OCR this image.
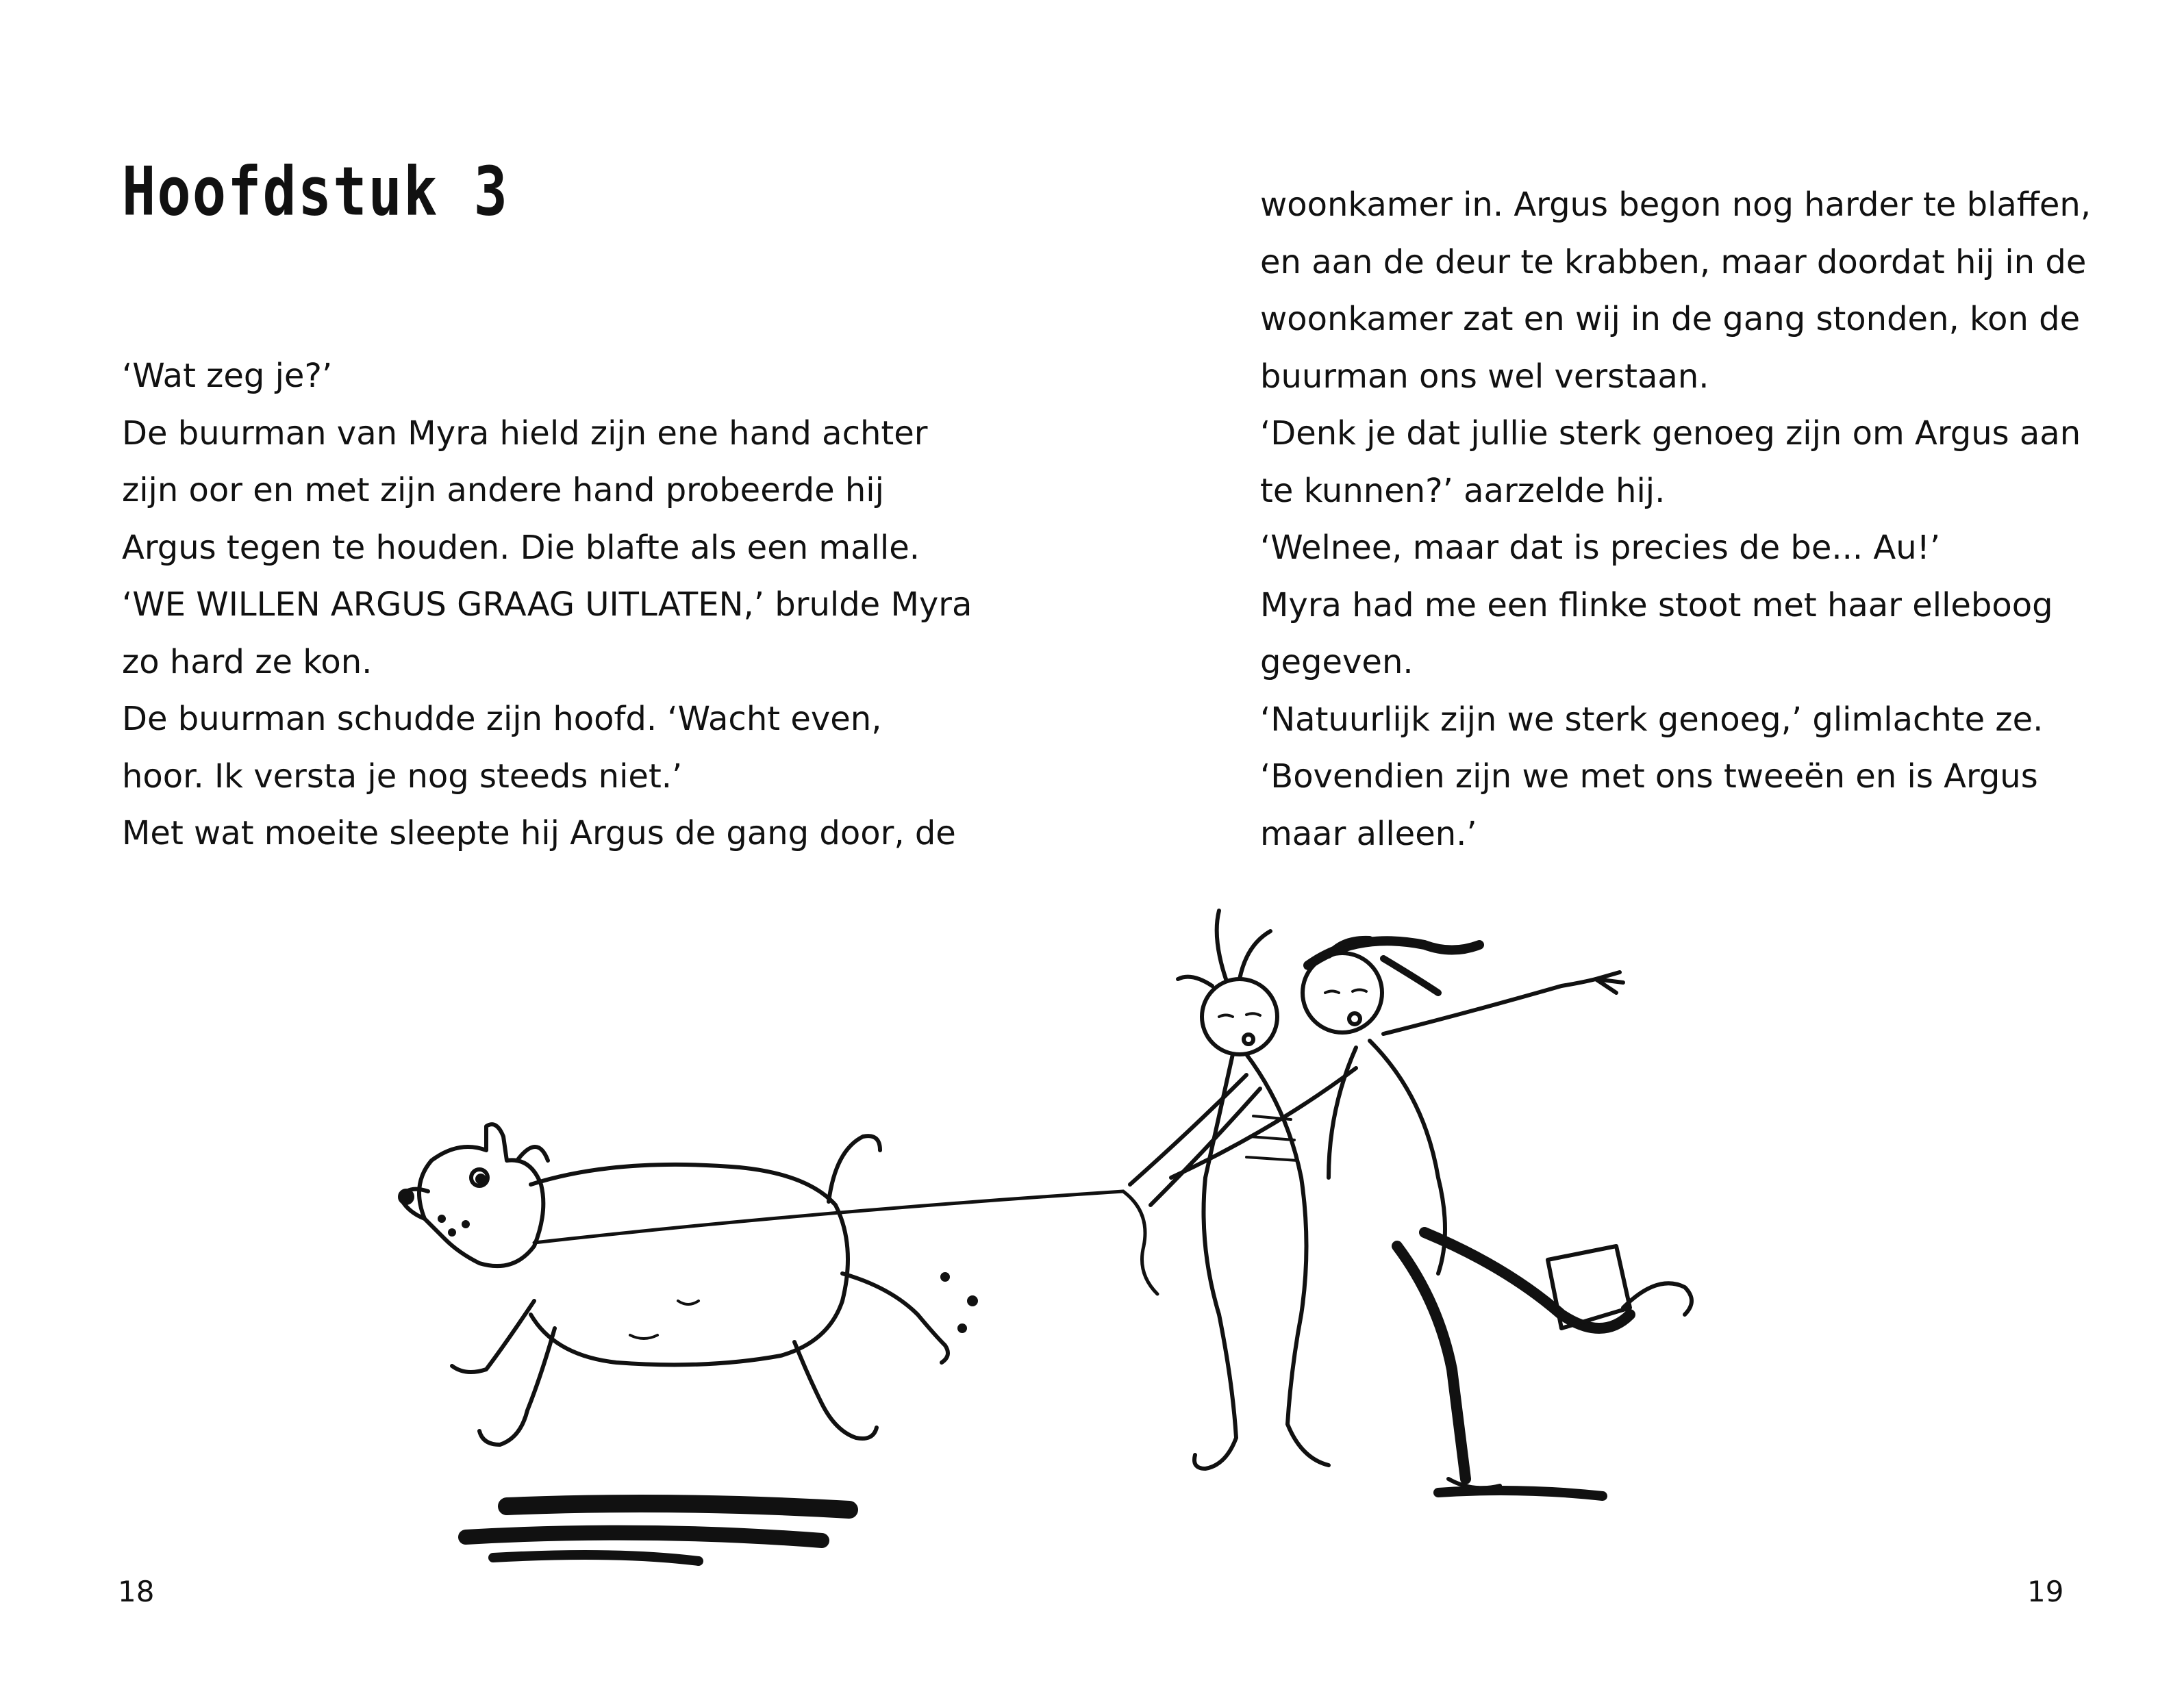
Hoofdstuk 3
‘Wat zeg je?’
De buurman van Myra hield zijn ene hand achter
zijn oor en met zijn andere hand probeerde hij
Argus tegen te houden. Die blafte als een malle.
‘WE WILLEN ARGUS GRAAG UITLATEN,’ brulde Myra
zo hard ze kon.
De buurman schudde zijn hoofd. ‘Wacht even,
hoor. Ik versta je nog steeds niet.’
Met wat moeite sleepte hij Argus de gang door, de
woonkamer in. Argus begon nog harder te blaffen,
en aan de deur te krabben, maar doordat hij in de
woonkamer zat en wij in de gang stonden, kon de
buurman ons wel verstaan.
‘Denk je dat jullie sterk genoeg zijn om Argus aan
te kunnen?’ aarzelde hij.
‘Welnee, maar dat is precies de be... Au!’
Myra had me een flinke stoot met haar elleboog
gegeven.
‘Natuurlijk zijn we sterk genoeg,’ glimlachte ze.
‘Bovendien zijn we met ons tweeën en is Argus
maar alleen.’
18	19
